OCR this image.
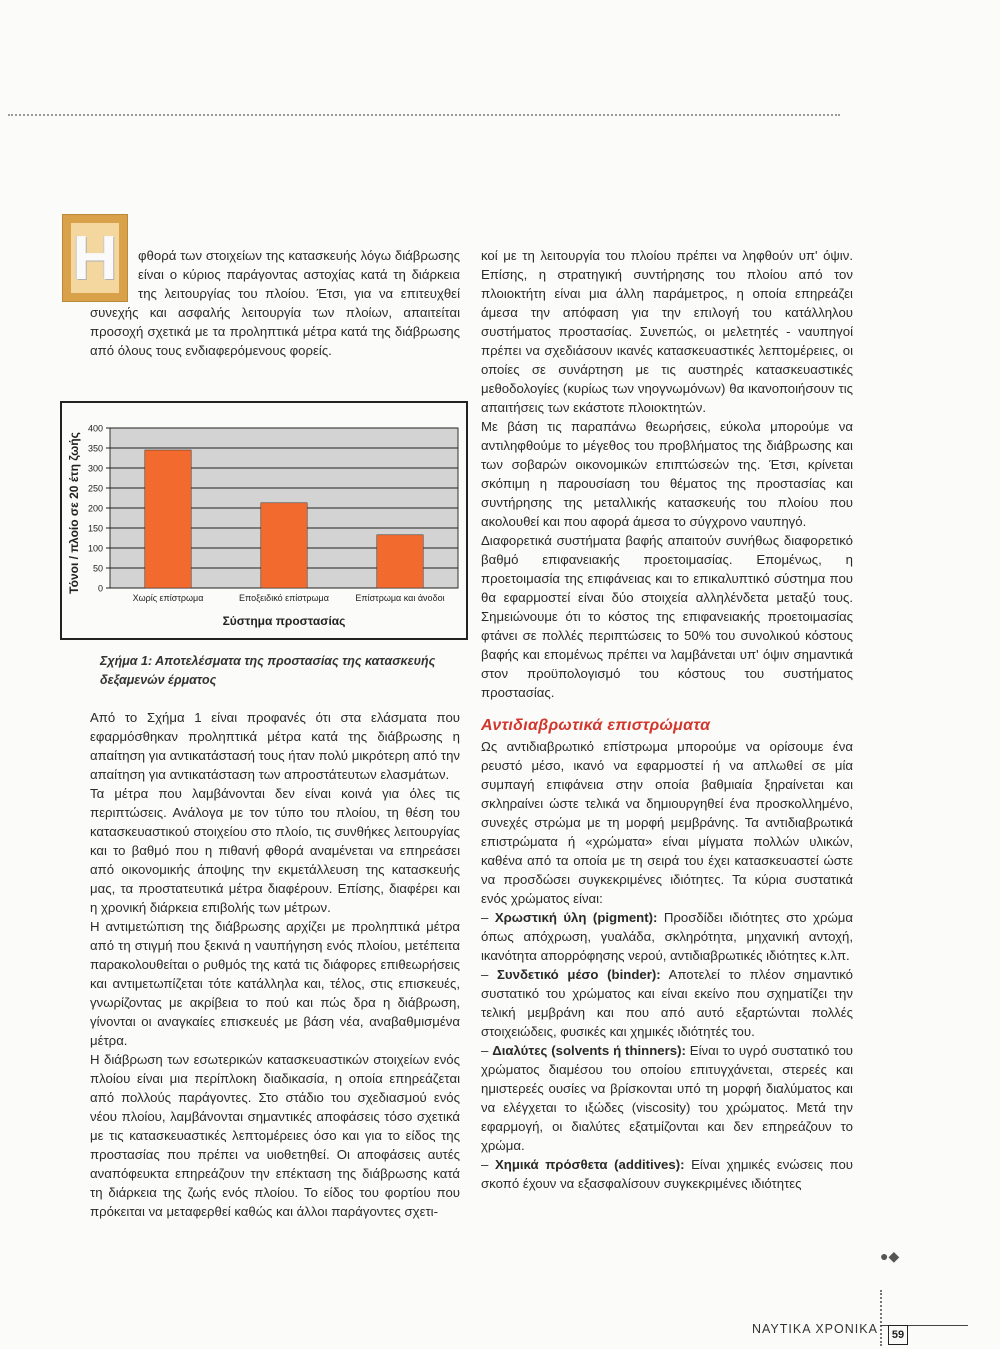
Η	φθορά των στοιχείων της κατασκευής λόγω διάβρωσης είναι ο κύριος παράγοντας αστοχίας κατά τη διάρκεια της λειτουργίας του πλοίου. Έτσι, για να επιτευχθεί συνεχής και ασφαλής λειτουργία των πλοίων, απαιτείται προσοχή σχετικά με τα προληπτικά μέτρα κατά της διάβρωσης από όλους τους ενδιαφερόμενους φορείς.

0
50
100
150
200
250
300
350
400
Χωρίς επίστρωμα	Εποξειδικό επίστρωμα	Επίστρωμα και άνοδοι
Τόνοι / πλοίο σε 20 έτη ζωής
Σύστημα προστασίας
Σχήμα 1: Αποτελέσματα της προστασίας της κατασκευής δεξαμενών έρματος

Από το Σχήμα 1 είναι προφανές ότι στα ελάσματα που εφαρμόσθηκαν προληπτικά μέτρα κατά της διάβρωσης η απαίτηση για αντικατάστασή τους ήταν πολύ μικρότερη από την απαίτηση για αντικατάσταση των απροστάτευτων ελασμάτων.

Τα μέτρα που λαμβάνονται δεν είναι κοινά για όλες τις περιπτώσεις. Ανάλογα με τον τύπο του πλοίου, τη θέση του κατασκευαστικού στοιχείου στο πλοίο, τις συνθήκες λειτουργίας και το βαθμό που η πιθανή φθορά αναμένεται να επηρεάσει από οικονομικής άποψης την εκμετάλλευση της κατασκευής μας, τα προστατευτικά μέτρα διαφέρουν. Επίσης, διαφέρει και η χρονική διάρκεια επιβολής των μέτρων.

Η αντιμετώπιση της διάβρωσης αρχίζει με προληπτικά μέτρα από τη στιγμή που ξεκινά η ναυπήγηση ενός πλοίου, μετέπειτα παρακολουθείται ο ρυθμός της κατά τις διάφορες επιθεωρήσεις και αντιμετωπίζεται τότε κατάλληλα και, τέλος, στις επισκευές, γνωρίζοντας με ακρίβεια το πού και πώς δρα η διάβρωση, γίνονται οι αναγκαίες επισκευές με βάση νέα, αναβαθμισμένα μέτρα.

Η διάβρωση των εσωτερικών κατασκευαστικών στοιχείων ενός πλοίου είναι μια περίπλοκη διαδικασία, η οποία επηρεάζεται από πολλούς παράγοντες. Στο στάδιο του σχεδιασμού ενός νέου πλοίου, λαμβάνονται σημαντικές αποφάσεις τόσο σχετικά με τις κατασκευαστικές λεπτομέρειες όσο και για το είδος της προστασίας που πρέπει να υιοθετηθεί. Οι αποφάσεις αυτές αναπόφευκτα επηρεάζουν την επέκταση της διάβρωσης κατά τη διάρκεια της ζωής ενός πλοίου. Το είδος του φορτίου που πρόκειται να μεταφερθεί καθώς και άλλοι παράγοντες σχετι-

κοί με τη λειτουργία του πλοίου πρέπει να ληφθούν υπ' όψιν. Επίσης, η στρατηγική συντήρησης του πλοίου από τον πλοιοκτήτη είναι μια άλλη παράμετρος, η οποία επηρεάζει άμεσα την απόφαση για την επιλογή του κατάλληλου συστήματος προστασίας. Συνεπώς, οι μελετητές - ναυπηγοί πρέπει να σχεδιάσουν ικανές κατασκευαστικές λεπτομέρειες, οι οποίες σε συνάρτηση με τις αυστηρές κατασκευαστικές μεθοδολογίες (κυρίως των νηογνωμόνων) θα ικανοποιήσουν τις απαιτήσεις των εκάστοτε πλοιοκτητών.

Με βάση τις παραπάνω θεωρήσεις, εύκολα μπορούμε να αντιληφθούμε το μέγεθος του προβλήματος της διάβρωσης και των σοβαρών οικονομικών επιπτώσεών της. Έτσι, κρίνεται σκόπιμη η παρουσίαση του θέματος της προστασίας και συντήρησης της μεταλλικής κατασκευής του πλοίου που ακολουθεί και που αφορά άμεσα το σύγχρονο ναυπηγό.

Διαφορετικά συστήματα βαφής απαιτούν συνήθως διαφορετικό βαθμό επιφανειακής προετοιμασίας. Επομένως, η προετοιμασία της επιφάνειας και το επικαλυπτικό σύστημα που θα εφαρμοστεί είναι δύο στοιχεία αλληλένδετα μεταξύ τους. Σημειώνουμε ότι το κόστος της επιφανειακής προετοιμασίας φτάνει σε πολλές περιπτώσεις το 50% του συνολικού κόστους βαφής και επομένως πρέπει να λαμβάνεται υπ' όψιν σημαντικά στον προϋπολογισμό του κόστους του συστήματος προστασίας.

Αντιδιαβρωτικά επιστρώματα

Ως αντιδιαβρωτικό επίστρωμα μπορούμε να ορίσουμε ένα ρευστό μέσο, ικανό να εφαρμοστεί ή να απλωθεί σε μία συμπαγή επιφάνεια στην οποία βαθμιαία ξηραίνεται και σκληραίνει ώστε τελικά να δημιουργηθεί ένα προσκολλημένο, συνεχές στρώμα με τη μορφή μεμβράνης. Τα αντιδιαβρωτικά επιστρώματα ή «χρώματα» είναι μίγματα πολλών υλικών, καθένα από τα οποία με τη σειρά του έχει κατασκευαστεί ώστε να προσδώσει συγκεκριμένες ιδιότητες. Τα κύρια συστατικά ενός χρώματος είναι:

– Χρωστική ύλη (pigment): Προσδίδει ιδιότητες στο χρώμα όπως απόχρωση, γυαλάδα, σκληρότητα, μηχανική αντοχή, ικανότητα απορρόφησης νερού, αντιδιαβρωτικές ιδιότητες κ.λπ.

– Συνδετικό μέσο (binder): Αποτελεί το πλέον σημαντικό συστατικό του χρώματος και είναι εκείνο που σχηματίζει την τελική μεμβράνη και που από αυτό εξαρτώνται πολλές στοιχειώδεις, φυσικές και χημικές ιδιότητές του.

– Διαλύτες (solvents ή thinners): Είναι το υγρό συστατικό του χρώματος διαμέσου του οποίου επιτυγχάνεται, στερεές και ημιστερεές ουσίες να βρίσκονται υπό τη μορφή διαλύματος και να ελέγχεται το ιξώδες (viscosity) του χρώματος. Μετά την εφαρμογή, οι διαλύτες εξατμίζονται και δεν επηρεάζουν το χρώμα.

– Χημικά πρόσθετα (additives): Είναι χημικές ενώσεις που σκοπό έχουν να εξασφαλίσουν συγκεκριμένες ιδιότητες

●◆
ΝΑΥΤΙΚΑ ΧΡΟΝΙΚΑ	59
